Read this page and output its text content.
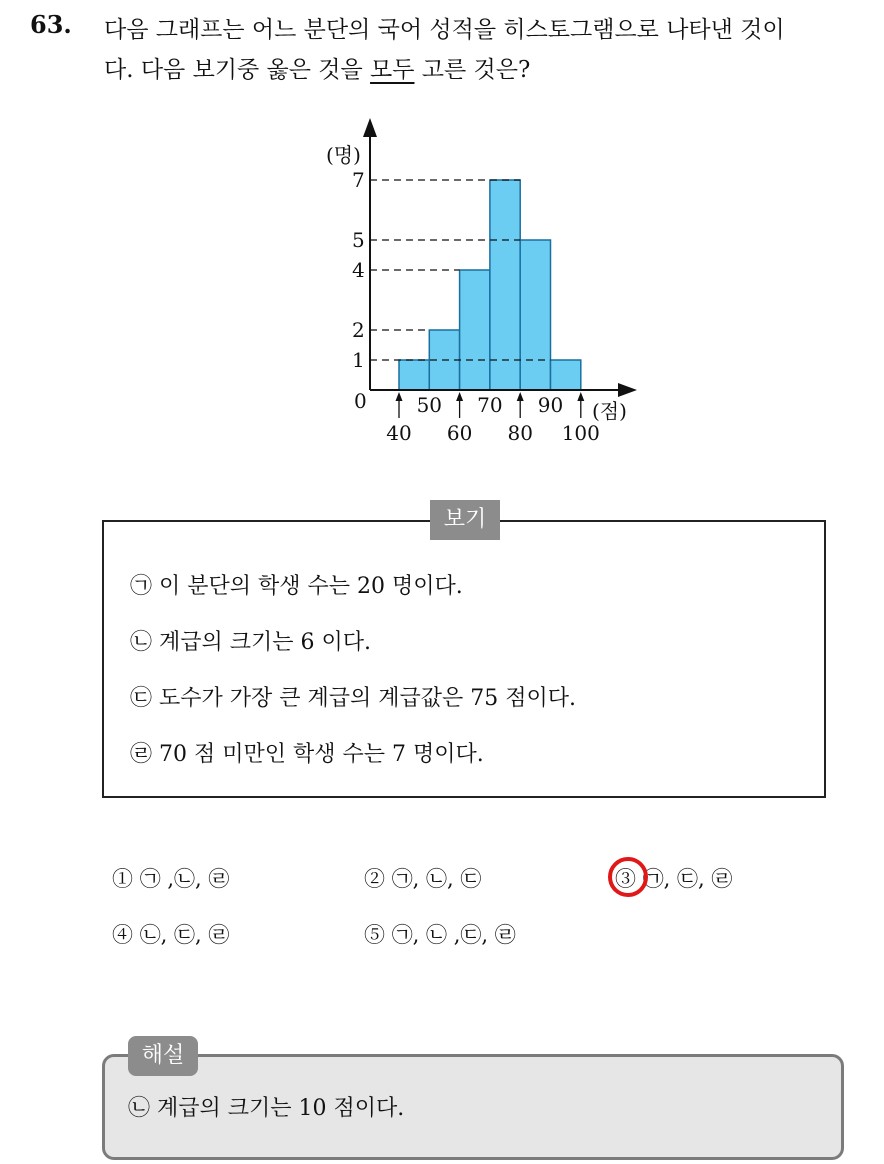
63. 다음 그래프는 어느 분단의 국어 성적을 히스토그램으로 나타낸 것이
다. 다음 보기중 옳은 것을 모두 고른 것은?
(명)
(점)
0
1
2
4
5
7
50 70 90
40 60 80 100
보기
㉠ 이 분단의 학생 수는 20 명이다.
㉡ 계급의 크기는 6 이다.
㉢ 도수가 가장 큰 계급의 계급값은 75 점이다.
㉣ 70 점 미만인 학생 수는 7 명이다.
① ㉠ ,㉡, ㉣	② ㉠, ㉡, ㉢	③ ㉠, ㉢, ㉣
④ ㉡, ㉢, ㉣	⑤ ㉠, ㉡ ,㉢, ㉣
해설
㉡ 계급의 크기는 10 점이다.
